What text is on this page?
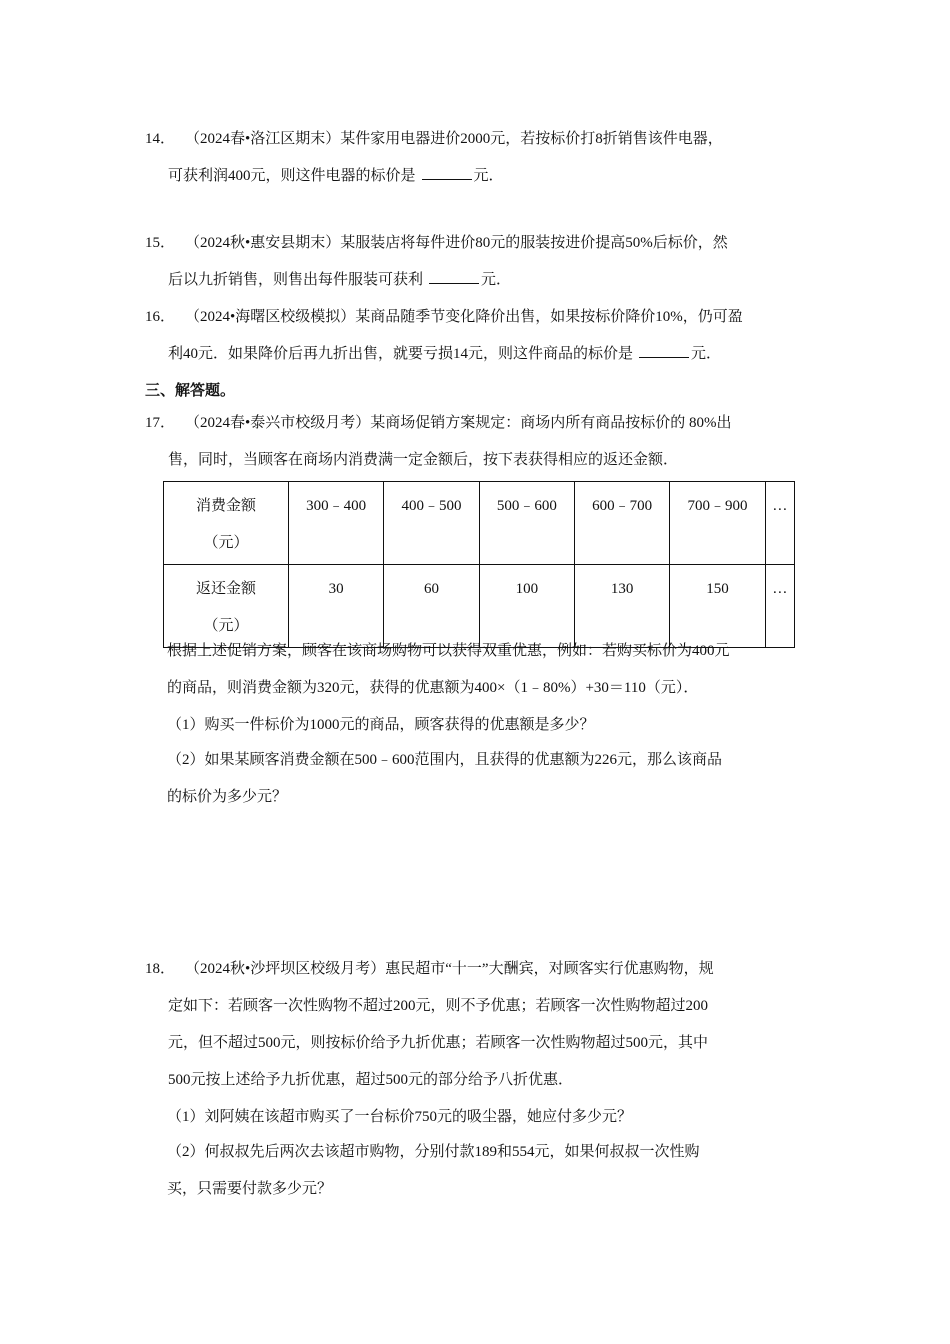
14． （2024春•洛江区期末）某件家用电器进价2000元，若按标价打8折销售该件电器，
可获利润400元，则这件电器的标价是	元．
15． （2024秋•惠安县期末）某服装店将每件进价80元的服装按进价提高50%后标价，然
后以九折销售，则售出每件服装可获利	元．
16． （2024•海曙区校级模拟）某商品随季节变化降价出售，如果按标价降价10%，仍可盈
利40元．如果降价后再九折出售，就要亏损14元，则这件商品的标价是	元．
三、解答题。
17． （2024春•泰兴市校级月考）某商场促销方案规定：商场内所有商品按标价的 80%出
售，同时，当顾客在商场内消费满一定金额后，按下表获得相应的返还金额．
消费金额
（元）	300﹣400	400﹣500	500﹣600	600﹣700	700﹣900	…

返还金额
（元）	30	60	100	130	150	…
根据上述促销方案，顾客在该商场购物可以获得双重优惠，例如：若购买标价为400元
的商品，则消费金额为320元，获得的优惠额为400×（1﹣80%）+30＝110（元）．
（1）购买一件标价为1000元的商品，顾客获得的优惠额是多少？
（2）如果某顾客消费金额在500﹣600范围内，且获得的优惠额为226元，那么该商品
的标价为多少元？
18． （2024秋•沙坪坝区校级月考）惠民超市“十一”大酬宾，对顾客实行优惠购物，规
定如下：若顾客一次性购物不超过200元，则不予优惠；若顾客一次性购物超过200
元，但不超过500元，则按标价给予九折优惠；若顾客一次性购物超过500元，其中
500元按上述给予九折优惠，超过500元的部分给予八折优惠．
（1）刘阿姨在该超市购买了一台标价750元的吸尘器，她应付多少元？
（2）何叔叔先后两次去该超市购物，分别付款189和554元，如果何叔叔一次性购
买，只需要付款多少元？
